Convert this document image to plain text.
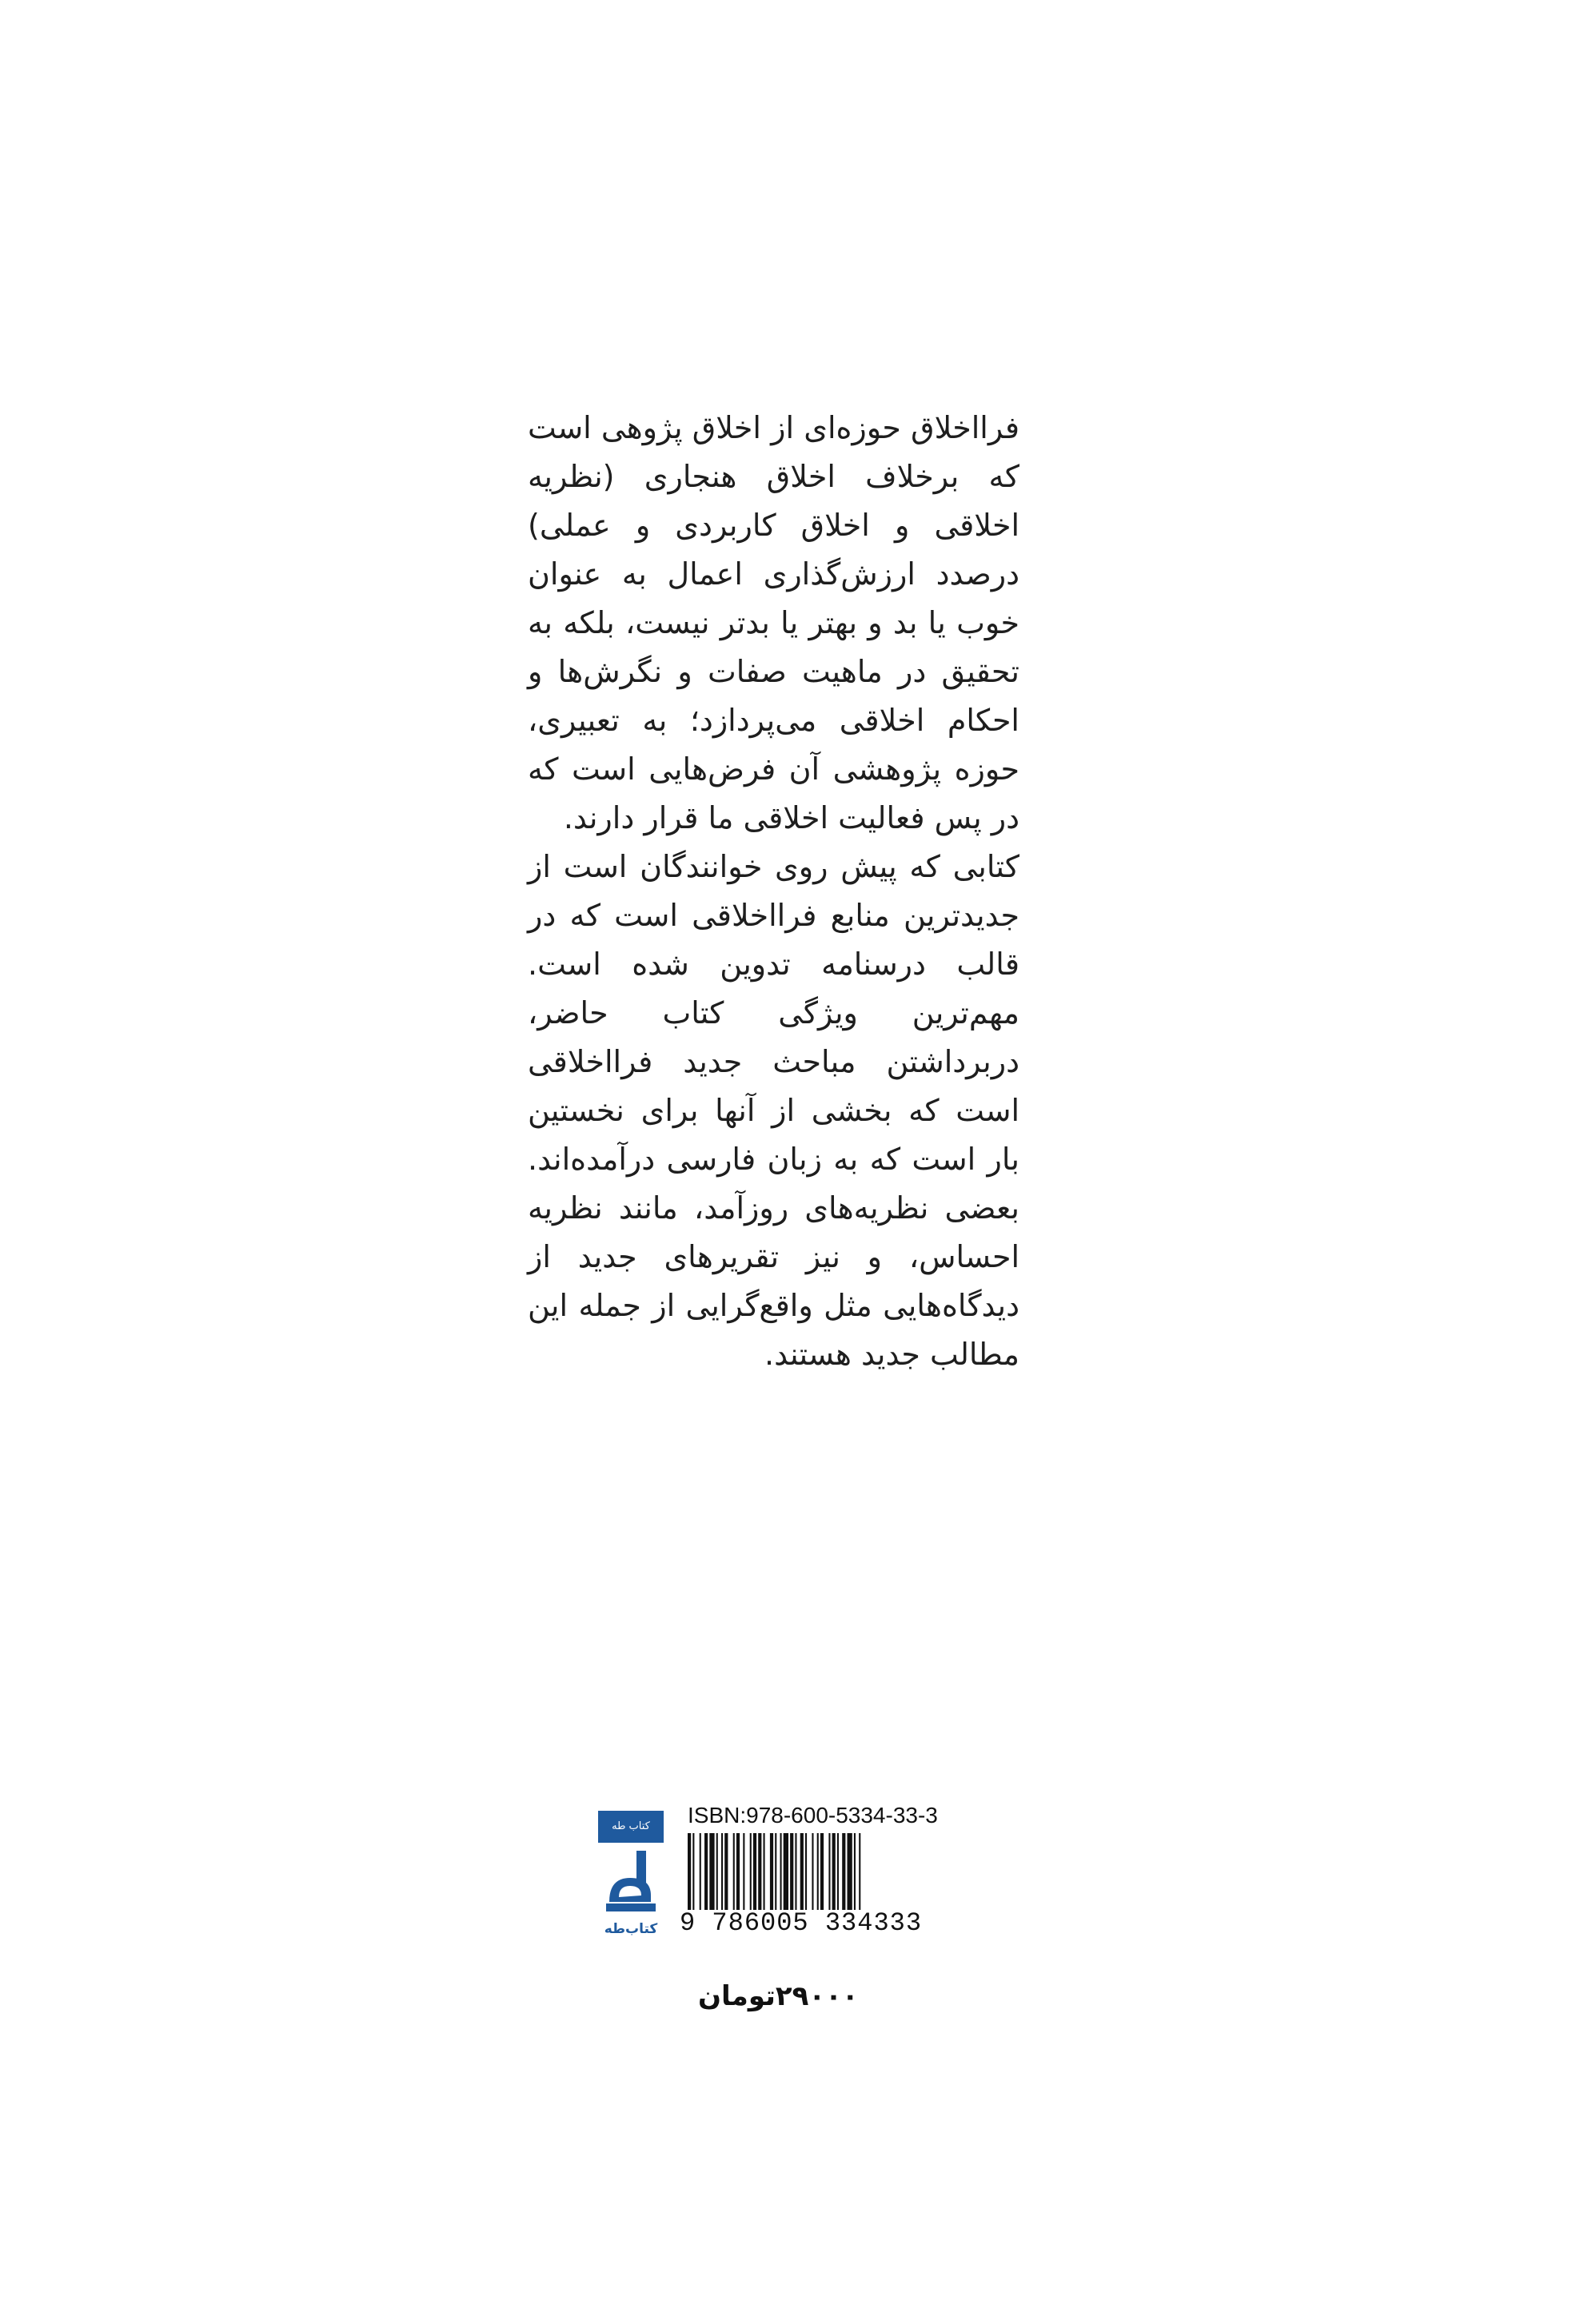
فرااخلاق حوزه‌ای از اخلاق پژوهی است که برخلاف اخلاق هنجاری (نظریه اخلاقی و اخلاق کاربردی و عملی) درصدد ارزش‌گذاری اعمال به عنوان خوب یا بد و بهتر یا بدتر نیست، بلکه به تحقیق در ماهیت صفات و نگرش‌ها و احکام اخلاقی می‌پردازد؛ به تعبیری، حوزه پژوهشی آن فرض‌هایی است که در پس فعالیت اخلاقی ما قرار دارند.

کتابی که پیش روی خوانندگان است از جدیدترین منابع فرااخلاقی است که در قالب درسنامه تدوین شده است. مهم‌ترین ویژگی کتاب حاضر، دربرداشتن مباحث جدید فرااخلاقی است که بخشی از آنها برای نخستین بار است که به زبان فارسی درآمده‌اند. بعضی نظریه‌های روزآمد، مانند نظریه احساس، و نیز تقریرهای جدید از دیدگاه‌هایی مثل واقع‌گرایی از جمله این مطالب جدید هستند.

کتاب طه
کتاب‌طه
ISBN:978-600-5334-33-3
9 786005 334333
۲۹۰۰۰تومان
